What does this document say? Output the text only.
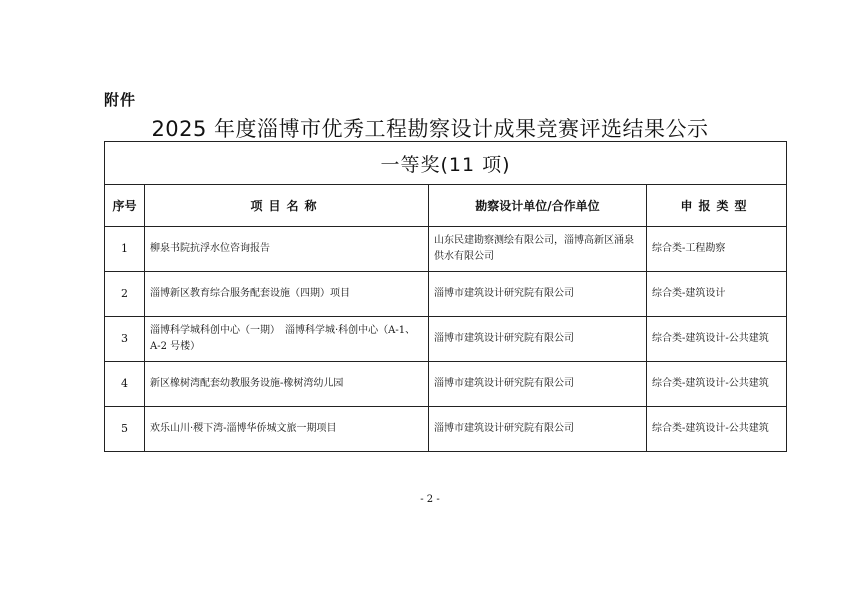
附件
2025 年度淄博市优秀工程勘察设计成果竞赛评选结果公示
一等奖(11 项)			
序号	项目名称	勘察设计单位/合作单位	申报类型
1	柳泉书院抗浮水位咨询报告	山东民建勘察测绘有限公司，淄博高新区涌泉供水有限公司	综合类-工程勘察
2	淄博新区教育综合服务配套设施（四期）项目	淄博市建筑设计研究院有限公司	综合类-建筑设计
3	淄博科学城科创中心（一期）　淄博科学城·科创中心（A-1、A-2 号楼）	淄博市建筑设计研究院有限公司	综合类-建筑设计-公共建筑
4	新区橡树湾配套幼教服务设施-橡树湾幼儿园	淄博市建筑设计研究院有限公司	综合类-建筑设计-公共建筑
5	欢乐山川·稷下湾-淄博华侨城文旅一期项目	淄博市建筑设计研究院有限公司	综合类-建筑设计-公共建筑
- 2 -
